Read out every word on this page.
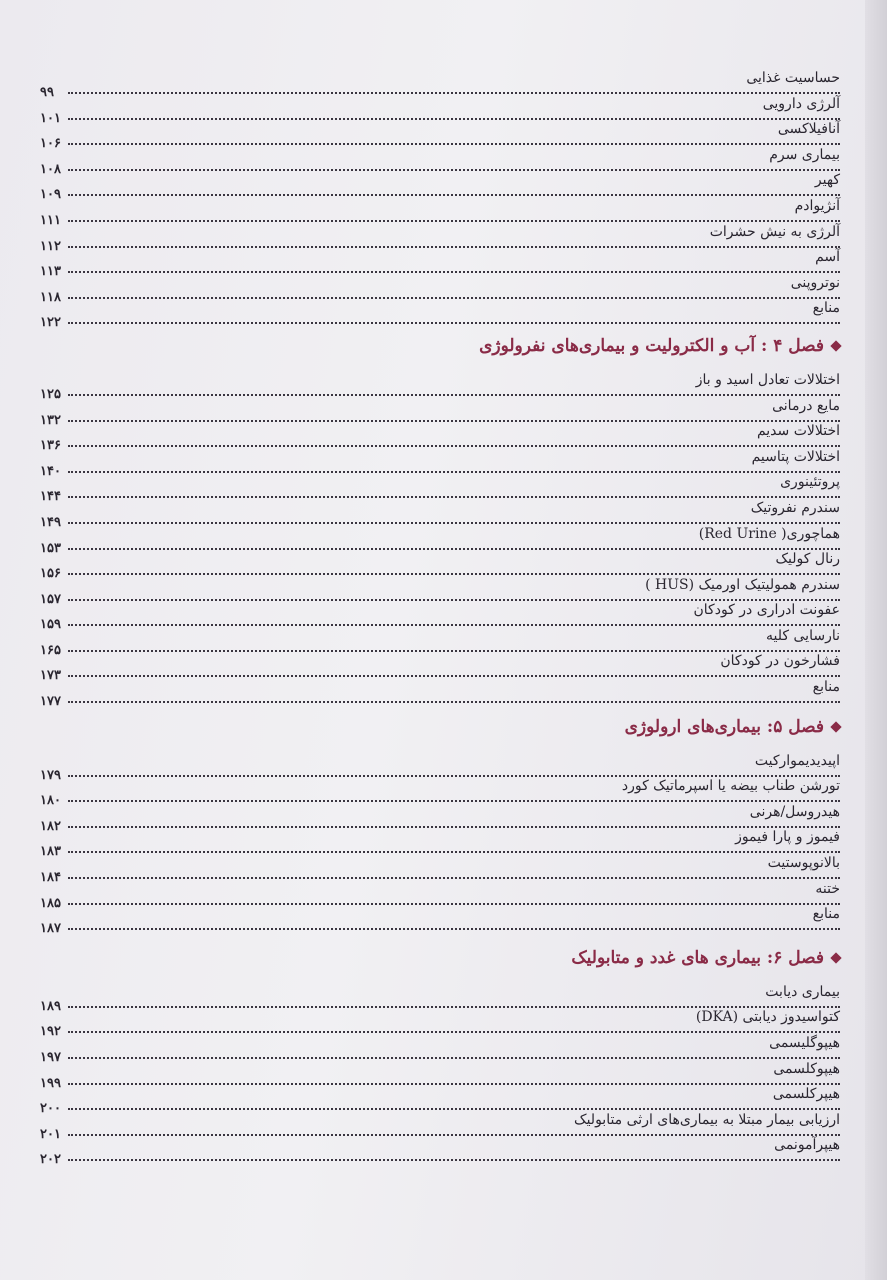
حساسیت غذایی
۹۹
آلرژی دارویی
۱۰۱
آنافیلاکسی
۱۰۶
بیماری سرم
۱۰۸
کهیر
۱۰۹
آنژیوادم
۱۱۱
آلرژی به نیش حشرات
۱۱۲
آسم
۱۱۳
نوتروپنی
۱۱۸
منابع
۱۲۲
فصل ۴ : آب و الکترولیت و بیماری‌های نفرولوژی
اختلالات تعادل اسید و باز
۱۲۵
مایع درمانی
۱۳۲
اختلالات سدیم
۱۳۶
اختلالات پتاسیم
۱۴۰
پروتئینوری
۱۴۴
سندرم نفروتیک
۱۴۹
هماچوری( Red Urine)
۱۵۳
رنال کولیک
۱۵۶
سندرم همولیتیک اورمیک (HUS )
۱۵۷
عفونت ادراری در کودکان
۱۵۹
نارسایی کلیه
۱۶۵
فشارخون در کودکان
۱۷۳
منابع
۱۷۷
فصل ۵: بیماری‌های ارولوژی
اپیدیدیموارکیت
۱۷۹
تورشن طناب بیضه یا اسپرماتیک کورد
۱۸۰
هیدروسل/هرنی
۱۸۲
فیموز و پارا فیموز
۱۸۳
بالانوپوستیت
۱۸۴
ختنه
۱۸۵
منابع
۱۸۷
فصل ۶: بیماری های غدد و متابولیک
بیماری دیابت
۱۸۹
کتواسیدوز دیابتی (DKA)
۱۹۲
هیپوگلیسمی
۱۹۷
هیپوکلسمی
۱۹۹
هیپرکلسمی
۲۰۰
ارزیابی بیمار مبتلا به بیماری‌های ارثی متابولیک
۲۰۱
هیپرآمونمی
۲۰۲
